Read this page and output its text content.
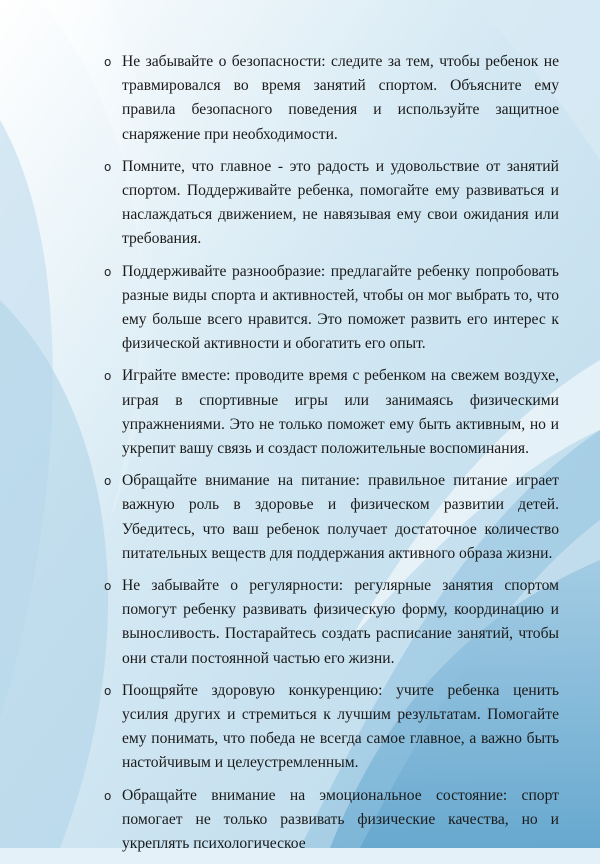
o Не забывайте о безопасности: следите за тем, чтобы ребенок не травмировался во время занятий спортом. Объясните ему правила безопасного поведения и используйте защитное снаряжение при необходимости.
o Помните, что главное - это радость и удовольствие от занятий спортом. Поддерживайте ребенка, помогайте ему развиваться и наслаждаться движением, не навязывая ему свои ожидания или требования.
o Поддерживайте разнообразие: предлагайте ребенку попробовать разные виды спорта и активностей, чтобы он мог выбрать то, что ему больше всего нравится. Это поможет развить его интерес к физической активности и обогатить его опыт.
o Играйте вместе: проводите время с ребенком на свежем воздухе, играя в спортивные игры или занимаясь физическими упражнениями. Это не только поможет ему быть активным, но и укрепит вашу связь и создаст положительные воспоминания.
o Обращайте внимание на питание: правильное питание играет важную роль в здоровье и физическом развитии детей. Убедитесь, что ваш ребенок получает достаточное количество питательных веществ для поддержания активного образа жизни.
o Не забывайте о регулярности: регулярные занятия спортом помогут ребенку развивать физическую форму, координацию и выносливость. Постарайтесь создать расписание занятий, чтобы они стали постоянной частью его жизни.
o Поощряйте здоровую конкуренцию: учите ребенка ценить усилия других и стремиться к лучшим результатам. Помогайте ему понимать, что победа не всегда самое главное, а важно быть настойчивым и целеустремленным.
o Обращайте внимание на эмоциональное состояние: спорт помогает не только развивать физические качества, но и укреплять психологическое
